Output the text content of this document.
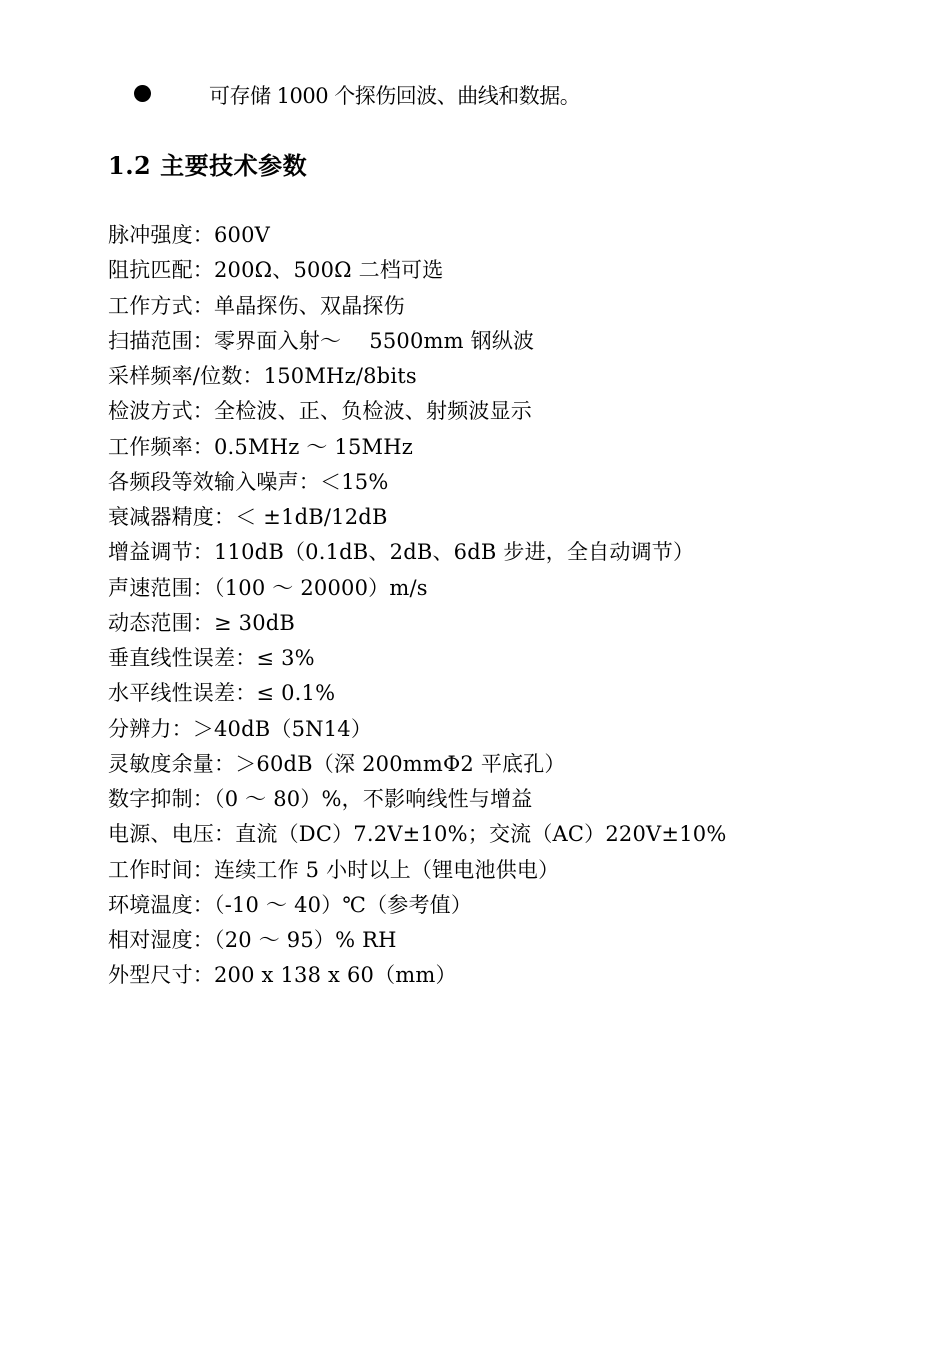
可存储 1000 个探伤回波、曲线和数据。
1.2 主要技术参数
脉冲强度：600V
阻抗匹配：200Ω、500Ω 二档可选
工作方式：单晶探伤、双晶探伤
扫描范围：零界面入射～　 5500mm 钢纵波
采样频率/位数：150MHz/8bits
检波方式：全检波、正、负检波、射频波显示
工作频率：0.5MHz ～ 15MHz
各频段等效输入噪声：＜15%
衰减器精度：＜ ±1dB/12dB
增益调节：110dB（0.1dB、2dB、6dB 步进，全自动调节）
声速范围：（100 ～ 20000）m/s
动态范围：≥ 30dB
垂直线性误差：≤ 3%
水平线性误差：≤ 0.1%
分辨力：＞40dB（5N14）
灵敏度余量：＞60dB（深 200mmΦ2 平底孔）
数字抑制：（0 ～ 80）%，不影响线性与增益
电源、电压：直流（DC）7.2V±10%；交流（AC）220V±10%
工作时间：连续工作 5 小时以上（锂电池供电）
环境温度：（-10 ～ 40）℃（参考值）
相对湿度：（20 ～ 95）% RH
外型尺寸：200 x 138 x 60（mm）
